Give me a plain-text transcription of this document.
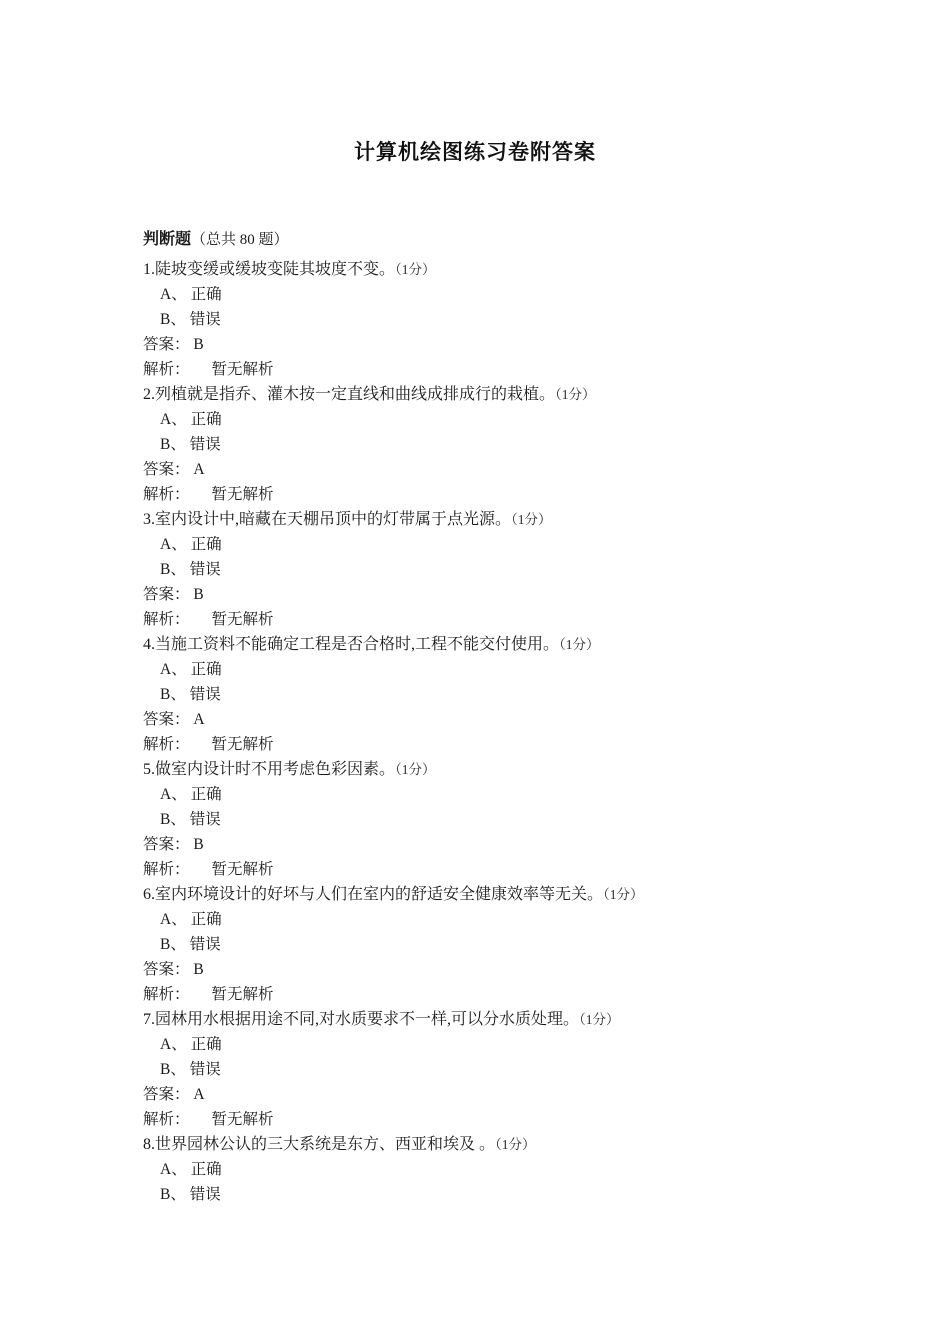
计算机绘图练习卷附答案

判断题（总共 80 题）

1.陡坡变缓或缓坡变陡其坡度不变。（1分）

A、 正确

B、 错误

答案： B

解析： 暂无解析

2.列植就是指乔、灌木按一定直线和曲线成排成行的栽植。（1分）

A、 正确

B、 错误

答案： A

解析： 暂无解析

3.室内设计中,暗藏在天棚吊顶中的灯带属于点光源。（1分）

A、 正确

B、 错误

答案： B

解析： 暂无解析

4.当施工资料不能确定工程是否合格时,工程不能交付使用。（1分）

A、 正确

B、 错误

答案： A

解析： 暂无解析

5.做室内设计时不用考虑色彩因素。（1分）

A、 正确

B、 错误

答案： B

解析： 暂无解析

6.室内环境设计的好坏与人们在室内的舒适安全健康效率等无关。（1分）

A、 正确

B、 错误

答案： B

解析： 暂无解析

7.园林用水根据用途不同,对水质要求不一样,可以分水质处理。（1分）

A、 正确

B、 错误

答案： A

解析： 暂无解析

8.世界园林公认的三大系统是东方、西亚和埃及 。（1分）

A、 正确

B、 错误
